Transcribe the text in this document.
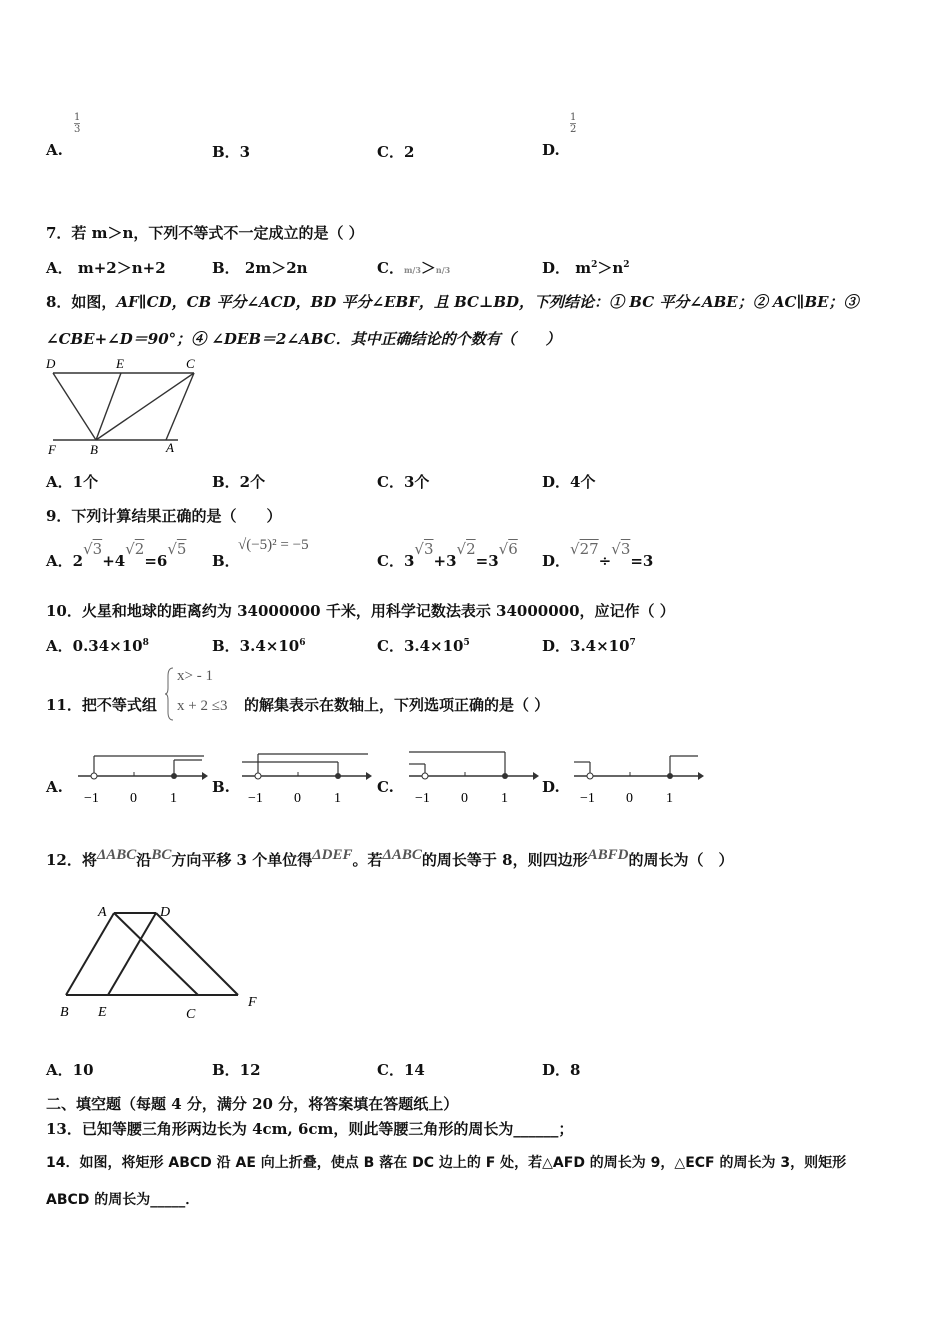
1
3
A.	B．3	C．2
1
2
D.
7．若 m＞n，下列不等式不一定成立的是（ ）
A． m+2＞n+2	B． 2m＞2n	C．m/3＞n/3	D． $m^2>n^2$
8．如图，AF∥CD，CB 平分∠ACD，BD 平分∠EBF，且 BC⊥BD，下列结论：① BC 平分∠ABE；② AC∥BE；③
∠CBE+∠D＝90°；④ ∠DEB＝2∠ABC．其中正确结论的个数有（　　）
D	E	C
F	B	A
A．1个	B．2个	C．3个	D．4个
9．下列计算结果正确的是（　　）
A．2√3+4√2=6√5
B．
√(−5)² = −5
C．3√3+3√2=3√6
D．√27÷√3=3
10．火星和地球的距离约为 34000000 千米，用科学记数法表示 34000000，应记作（ ）
A．$0.34\times 10^8$	B．$3.4\times 10^6$	C．$3.4\times 10^5$	D．$3.4\times 10^7$
11．把不等式组
x> - 1
x + 2 ≤3 的解集表示在数轴上，下列选项正确的是（ ）
A.
−1 0 1
B.
−1 0 1
C.
−1 0 1
D.
−1 0 1
12．将ΔABC沿BC方向平移 3 个单位得ΔDEF。若ΔABC的周长等于 8，则四边形ABFD的周长为（　）
A	D
B E	C
F
A．10	B．12	C．14	D．8
二、填空题（每题 4 分，满分 20 分，将答案填在答题纸上）
13．已知等腰三角形两边长为 4cm, 6cm，则此等腰三角形的周长为______；
14．如图，将矩形 ABCD 沿 AE 向上折叠，使点 B 落在 DC 边上的 F 处，若△AFD 的周长为 9，△ECF 的周长为 3，则矩形
ABCD 的周长为_____．
